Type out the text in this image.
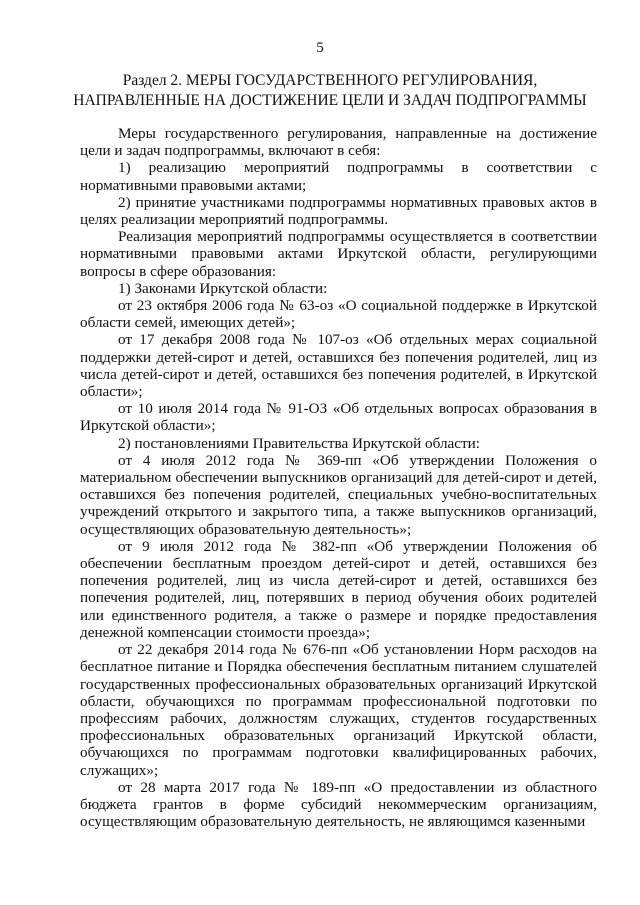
5
Раздел 2. МЕРЫ ГОСУДАРСТВЕННОГО РЕГУЛИРОВАНИЯ,
НАПРАВЛЕННЫЕ НА ДОСТИЖЕНИЕ ЦЕЛИ И ЗАДАЧ ПОДПРОГРАММЫ

Меры государственного регулирования, направленные на достижение цели и задач подпрограммы, включают в себя:

1) реализацию мероприятий подпрограммы в соответствии с нормативными правовыми актами;

2) принятие участниками подпрограммы нормативных правовых актов в целях реализации мероприятий подпрограммы.

Реализация мероприятий подпрограммы осуществляется в соответствии нормативными правовыми актами Иркутской области, регулирующими вопросы в сфере образования:

1) Законами Иркутской области:

от 23 октября 2006 года № 63-оз «О социальной поддержке в Иркутской области семей, имеющих детей»;

от 17 декабря 2008 года № 107-оз «Об отдельных мерах социальной поддержки детей-сирот и детей, оставшихся без попечения родителей, лиц из числа детей-сирот и детей, оставшихся без попечения родителей, в Иркутской области»;

от 10 июля 2014 года № 91-ОЗ «Об отдельных вопросах образования в Иркутской области»;

2) постановлениями Правительства Иркутской области:

от 4 июля 2012 года № 369-пп «Об утверждении Положения о материальном обеспечении выпускников организаций для детей-сирот и детей, оставшихся без попечения родителей, специальных учебно-воспитательных учреждений открытого и закрытого типа, а также выпускников организаций, осуществляющих образовательную деятельность»;

от 9 июля 2012 года № 382-пп «Об утверждении Положения об обеспечении бесплатным проездом детей-сирот и детей, оставшихся без попечения родителей, лиц из числа детей-сирот и детей, оставшихся без попечения родителей, лиц, потерявших в период обучения обоих родителей или единственного родителя, а также о размере и порядке предоставления денежной компенсации стоимости проезда»;

от 22 декабря 2014 года № 676-пп «Об установлении Норм расходов на бесплатное питание и Порядка обеспечения бесплатным питанием слушателей государственных профессиональных образовательных организаций Иркутской области, обучающихся по программам профессиональной подготовки по профессиям рабочих, должностям служащих, студентов государственных профессиональных образовательных организаций Иркутской области, обучающихся по программам подготовки квалифицированных рабочих, служащих»;

от 28 марта 2017 года № 189-пп «О предоставлении из областного бюджета грантов в форме субсидий некоммерческим организациям, осуществляющим образовательную деятельность, не являющимся казенными
